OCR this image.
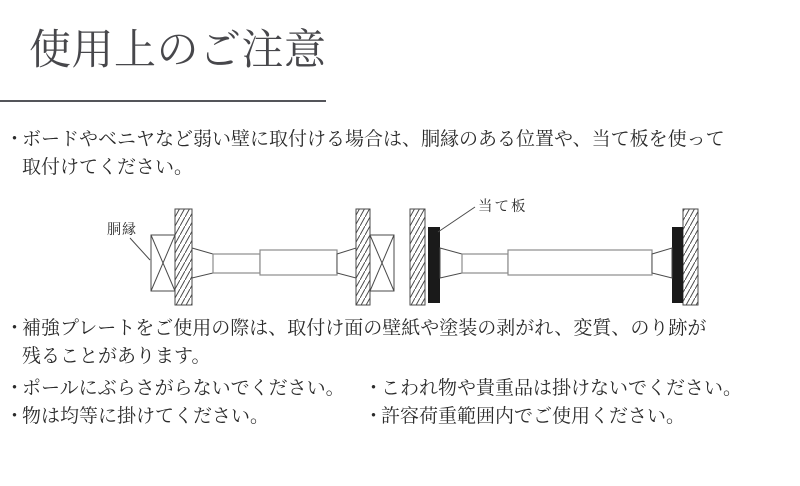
使用上のご注意
・
ボードやベニヤなど弱い壁に取付ける場合は、胴縁のある位置や、当て板を使って
取付けてください。
胴縁
当て板
・
補強プレートをご使用の際は、取付け面の壁紙や塗装の剥がれ、変質、のり跡が
残ることがあります。
・
ポールにぶらさがらないでください。
・
物は均等に掛けてください。
・
こわれ物や貴重品は掛けないでください。
・
許容荷重範囲内でご使用ください。
